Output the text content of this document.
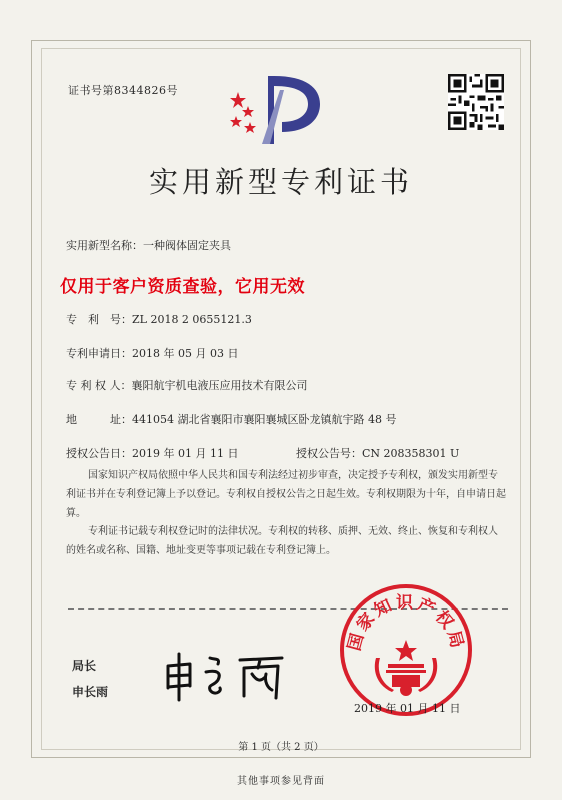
证书号第8344826号
实用新型专利证书
实用新型名称：一种阀体固定夹具
仅用于客户资质查验，它用无效
专　利　号：ZL 2018 2 0655121.3
专利申请日：2018 年 05 月 03 日
专 利 权 人：襄阳航宇机电液压应用技术有限公司
地　　　址：441054 湖北省襄阳市襄阳襄城区卧龙镇航宇路 48 号
授权公告日：2019 年 01 月 11 日	授权公告号：CN 208358301 U
国家知识产权局依照中华人民共和国专利法经过初步审查，决定授予专利权，颁发实用新型专利证书并在专利登记簿上予以登记。专利权自授权公告之日起生效。专利权期限为十年，自申请日起算。
专利证书记载专利权登记时的法律状况。专利权的转移、质押、无效、终止、恢复和专利权人的姓名或名称、国籍、地址变更等事项记载在专利登记簿上。
局长
申长雨
国家知识产权局
2019 年 01 月 11 日
第 1 页（共 2 页）
其他事项参见背面
